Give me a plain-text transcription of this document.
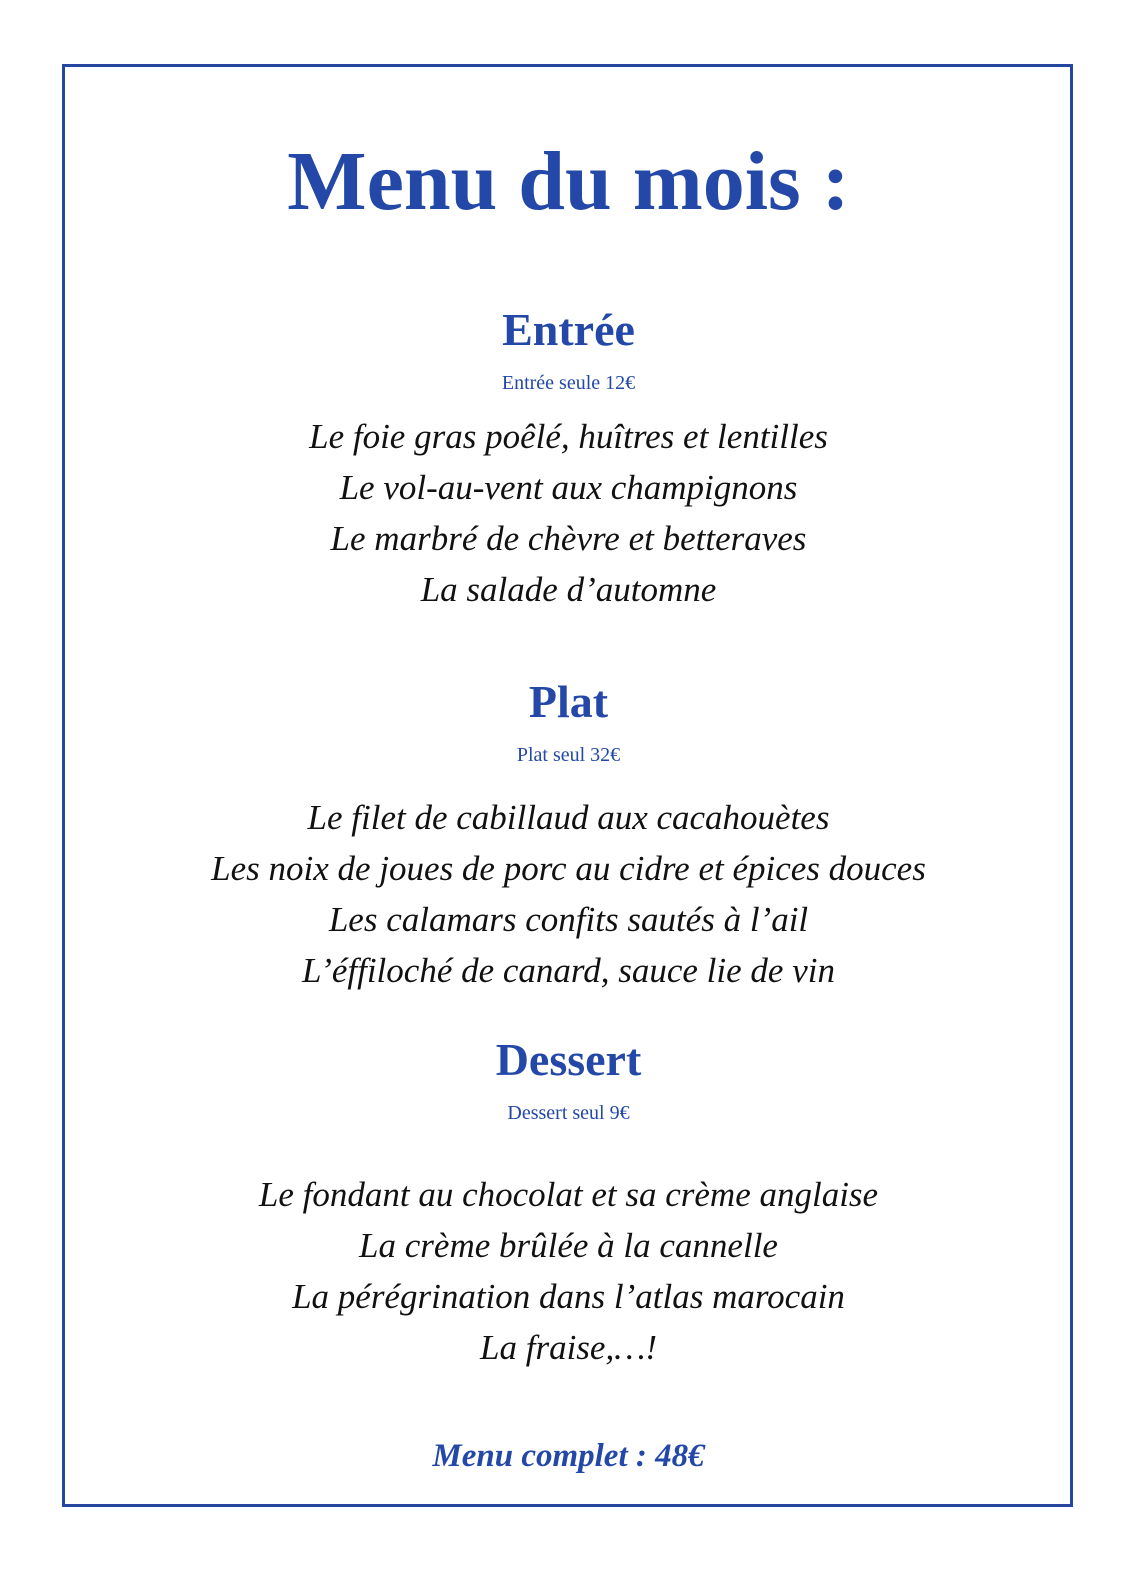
Menu du mois :
Entrée
Entrée seule 12€
Le foie gras poêlé, huîtres et lentilles
Le vol-au-vent aux champignons
Le marbré de chèvre et betteraves
La salade d’automne
Plat
Plat seul 32€
Le filet de cabillaud aux cacahouètes
Les noix de joues de porc au cidre et épices douces
Les calamars confits sautés à l’ail
L’éffiloché de canard, sauce lie de vin
Dessert
Dessert seul 9€
Le fondant au chocolat et sa crème anglaise
La crème brûlée à la cannelle
La pérégrination dans l’atlas marocain
La fraise,…!
Menu complet : 48€
